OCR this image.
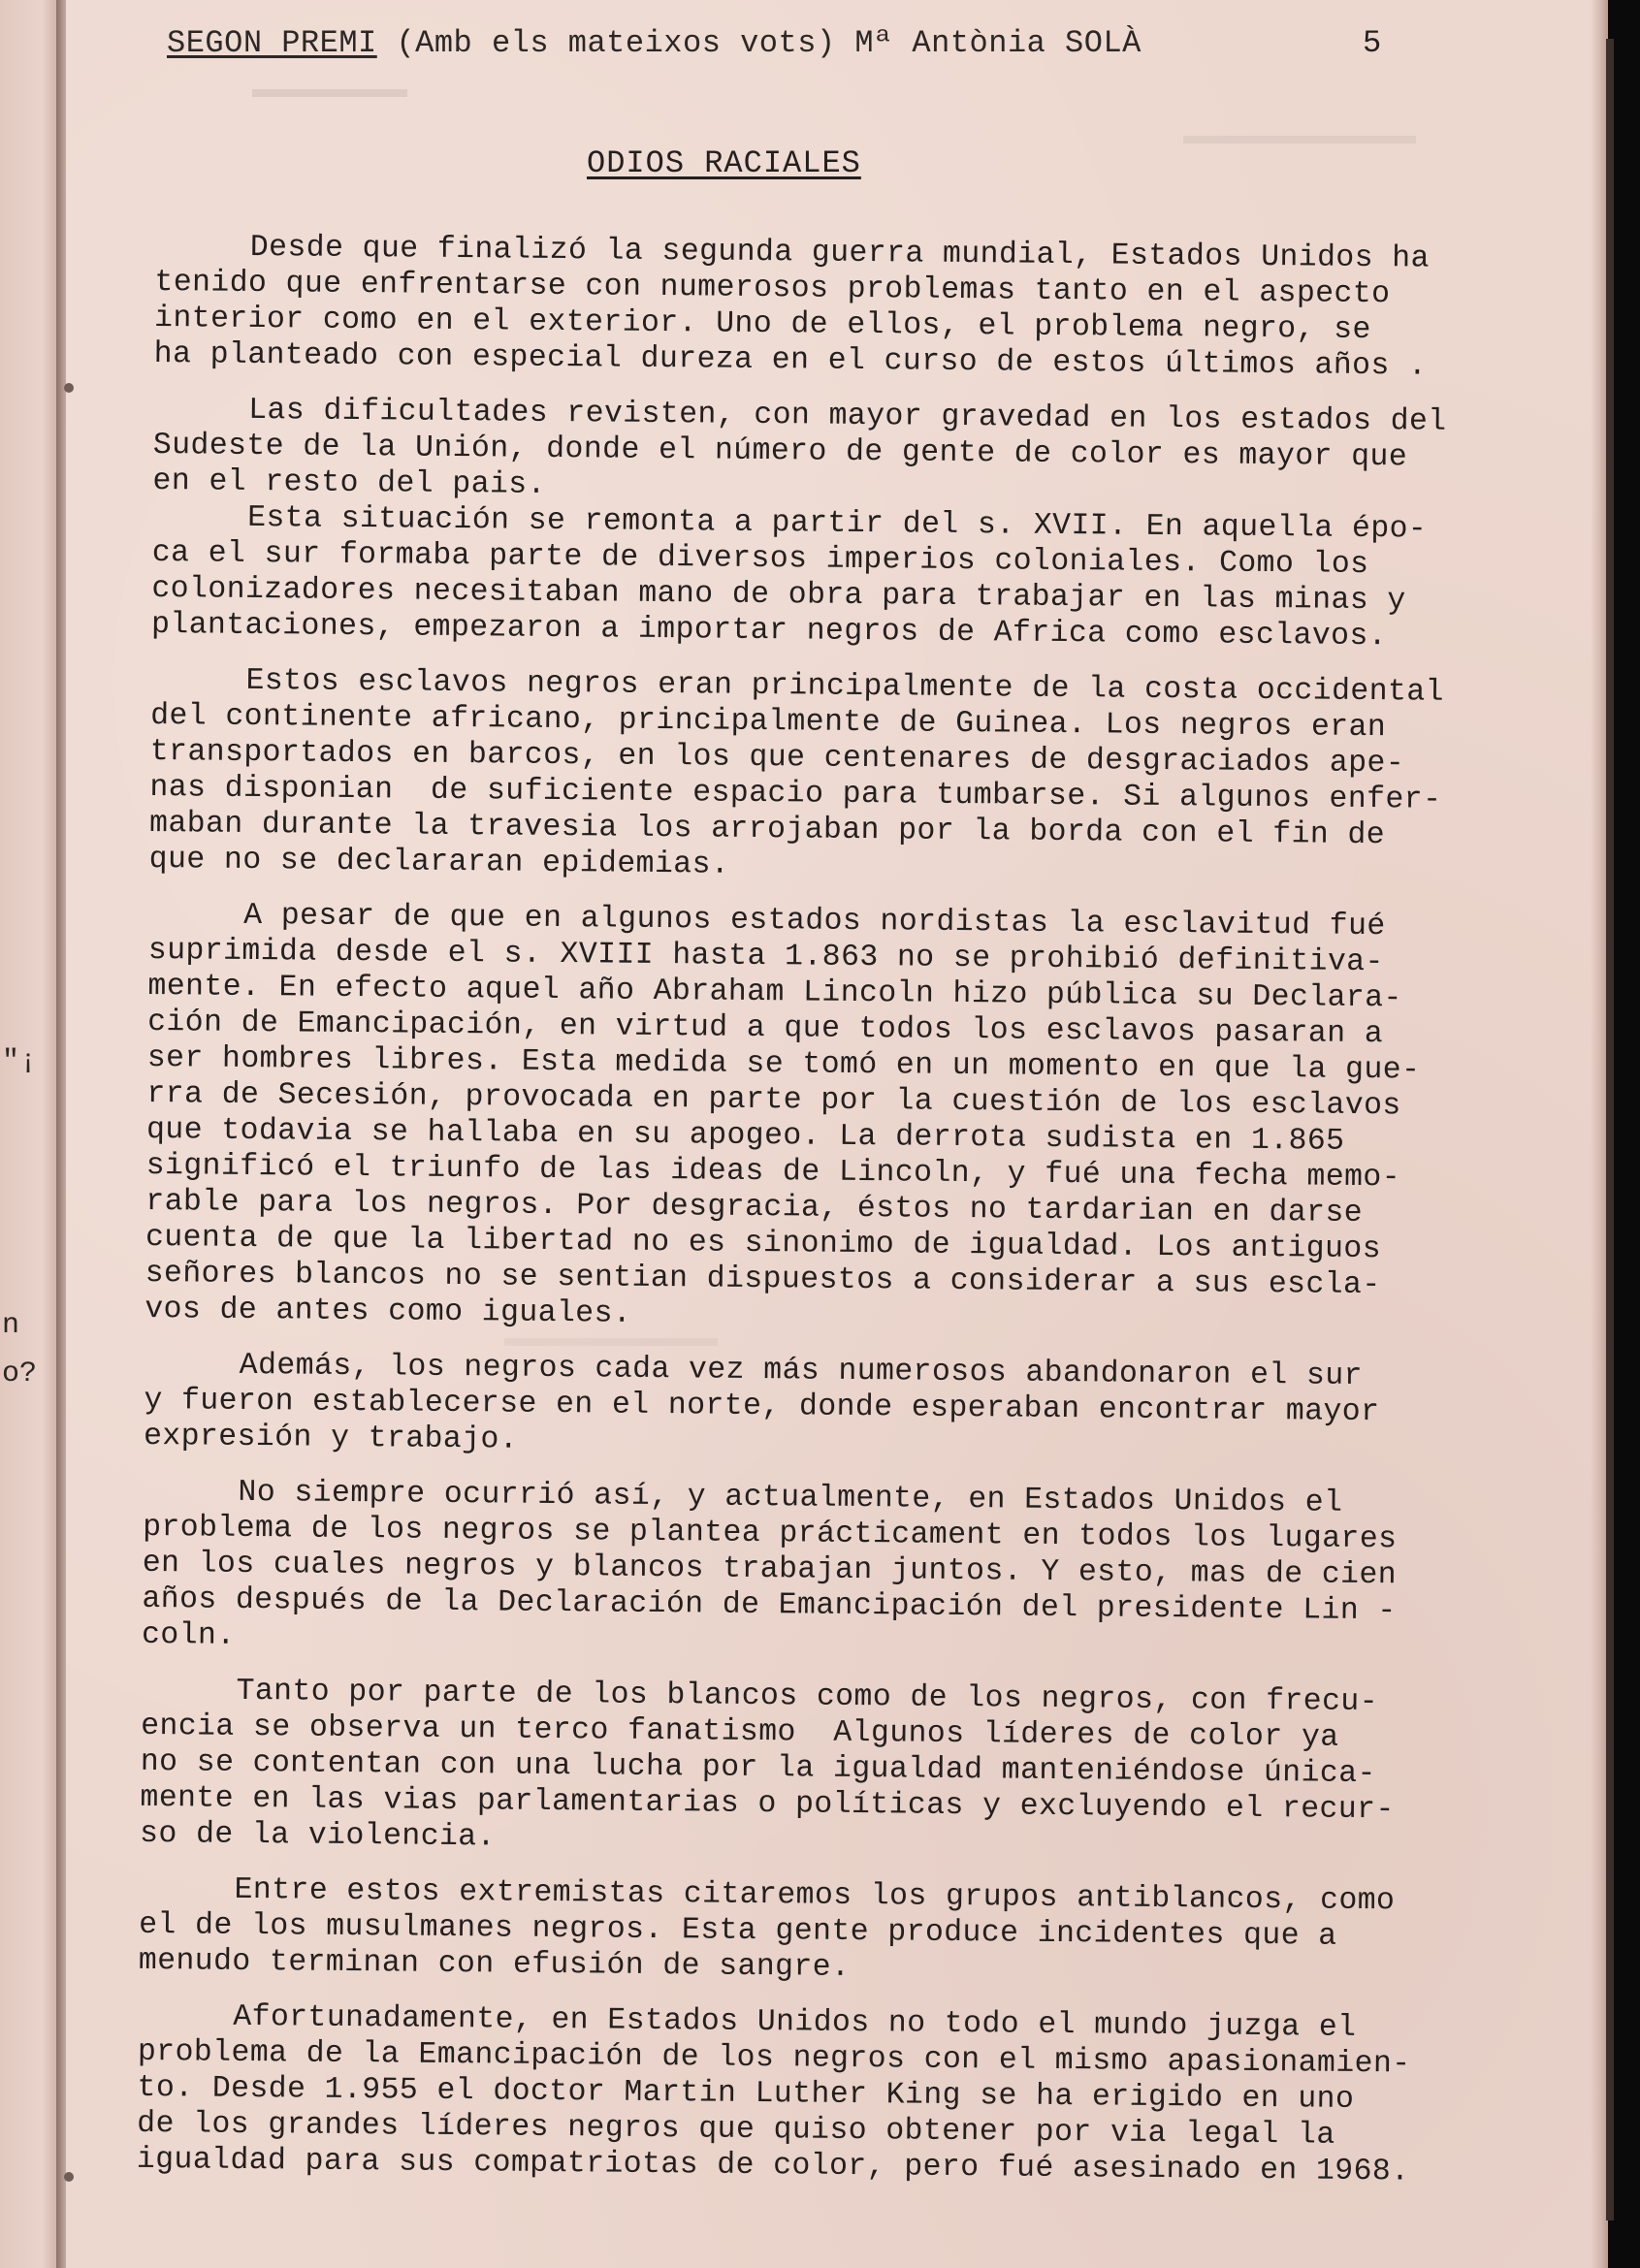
"¡
n
o?
SEGON PREMI (Amb els mateixos vots) Mª Antònia SOLÀ	5
ODIOS RACIALES
Desde que finalizó la segunda guerra mundial, Estados Unidos ha
tenido que enfrentarse con numerosos problemas tanto en el aspecto
interior como en el exterior. Uno de ellos, el problema negro, se
ha planteado con especial dureza en el curso de estos últimos años .
Las dificultades revisten, con mayor gravedad en los estados del
Sudeste de la Unión, donde el número de gente de color es mayor que
en el resto del pais.
Esta situación se remonta a partir del s. XVII. En aquella épo-
ca el sur formaba parte de diversos imperios coloniales. Como los
colonizadores necesitaban mano de obra para trabajar en las minas y
plantaciones, empezaron a importar negros de Africa como esclavos.
Estos esclavos negros eran principalmente de la costa occidental
del continente africano, principalmente de Guinea. Los negros eran
transportados en barcos, en los que centenares de desgraciados ape-
nas disponian  de suficiente espacio para tumbarse. Si algunos enfer-
maban durante la travesia los arrojaban por la borda con el fin de
que no se declararan epidemias.
A pesar de que en algunos estados nordistas la esclavitud fué
suprimida desde el s. XVIII hasta 1.863 no se prohibió definitiva-
mente. En efecto aquel año Abraham Lincoln hizo pública su Declara-
ción de Emancipación, en virtud a que todos los esclavos pasaran a
ser hombres libres. Esta medida se tomó en un momento en que la gue-
rra de Secesión, provocada en parte por la cuestión de los esclavos
que todavia se hallaba en su apogeo. La derrota sudista en 1.865
significó el triunfo de las ideas de Lincoln, y fué una fecha memo-
rable para los negros. Por desgracia, éstos no tardarian en darse
cuenta de que la libertad no es sinonimo de igualdad. Los antiguos
señores blancos no se sentian dispuestos a considerar a sus escla-
vos de antes como iguales.
Además, los negros cada vez más numerosos abandonaron el sur
y fueron establecerse en el norte, donde esperaban encontrar mayor
expresión y trabajo.
No siempre ocurrió así, y actualmente, en Estados Unidos el
problema de los negros se plantea prácticament en todos los lugares
en los cuales negros y blancos trabajan juntos. Y esto, mas de cien
años después de la Declaración de Emancipación del presidente Lin -
coln.
Tanto por parte de los blancos como de los negros, con frecu-
encia se observa un terco fanatismo  Algunos líderes de color ya
no se contentan con una lucha por la igualdad manteniéndose única-
mente en las vias parlamentarias o políticas y excluyendo el recur-
so de la violencia.
Entre estos extremistas citaremos los grupos antiblancos, como
el de los musulmanes negros. Esta gente produce incidentes que a
menudo terminan con efusión de sangre.
Afortunadamente, en Estados Unidos no todo el mundo juzga el
problema de la Emancipación de los negros con el mismo apasionamien-
to. Desde 1.955 el doctor Martin Luther King se ha erigido en uno
de los grandes líderes negros que quiso obtener por via legal la
igualdad para sus compatriotas de color, pero fué asesinado en 1968.
